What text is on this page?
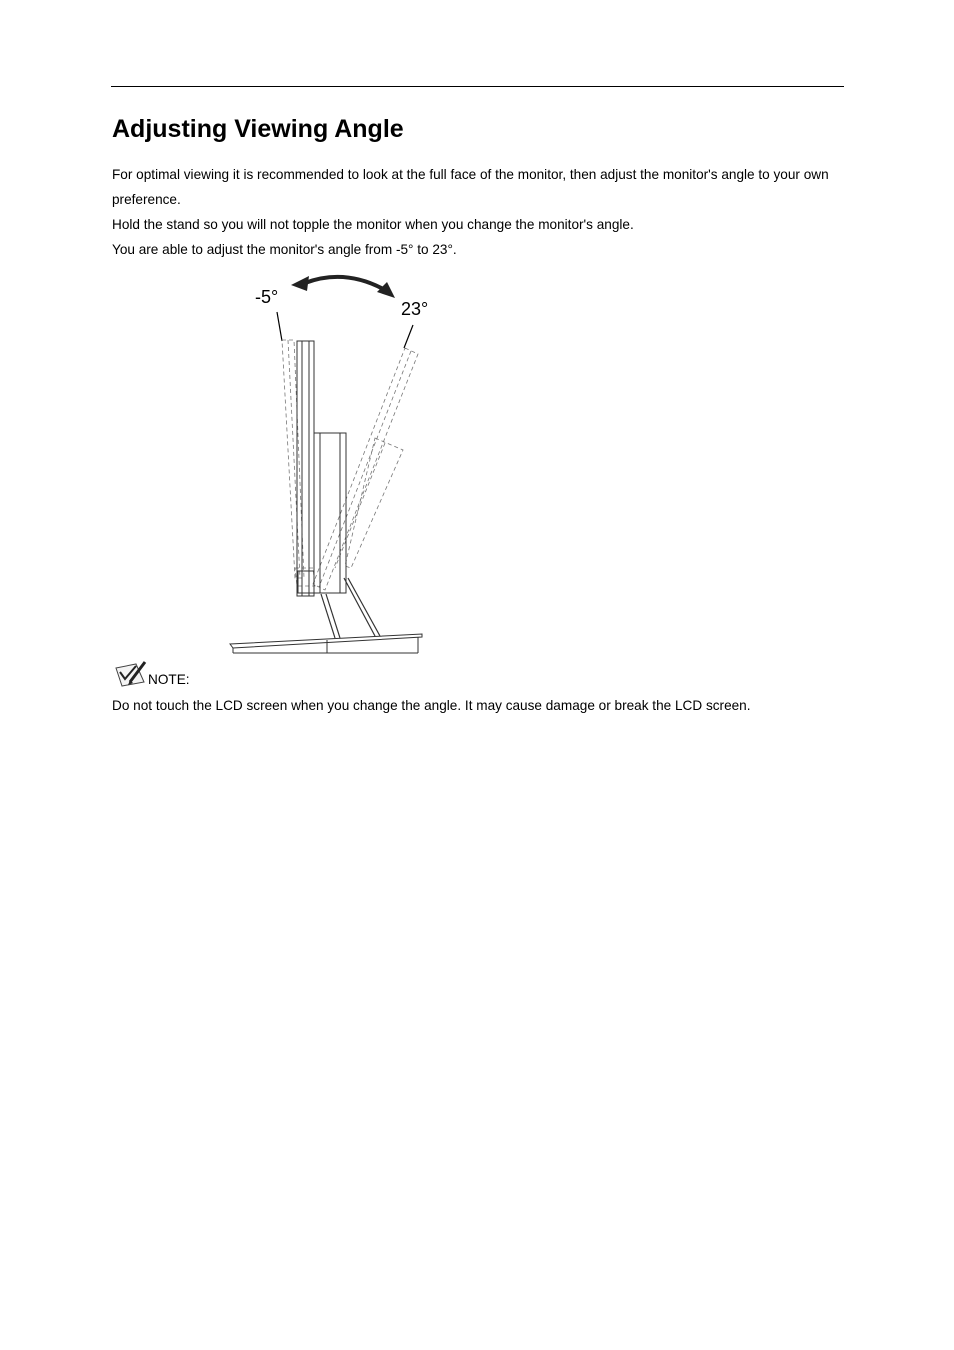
Adjusting Viewing Angle

For optimal viewing it is recommended to look at the full face of the monitor, then adjust the monitor's angle to your own preference.

Hold the stand so you will not topple the monitor when you change the monitor's angle.

You are able to adjust the monitor's angle from -5° to 23°.

-5°
23°
NOTE:

Do not touch the LCD screen when you change the angle. It may cause damage or break the LCD screen.
